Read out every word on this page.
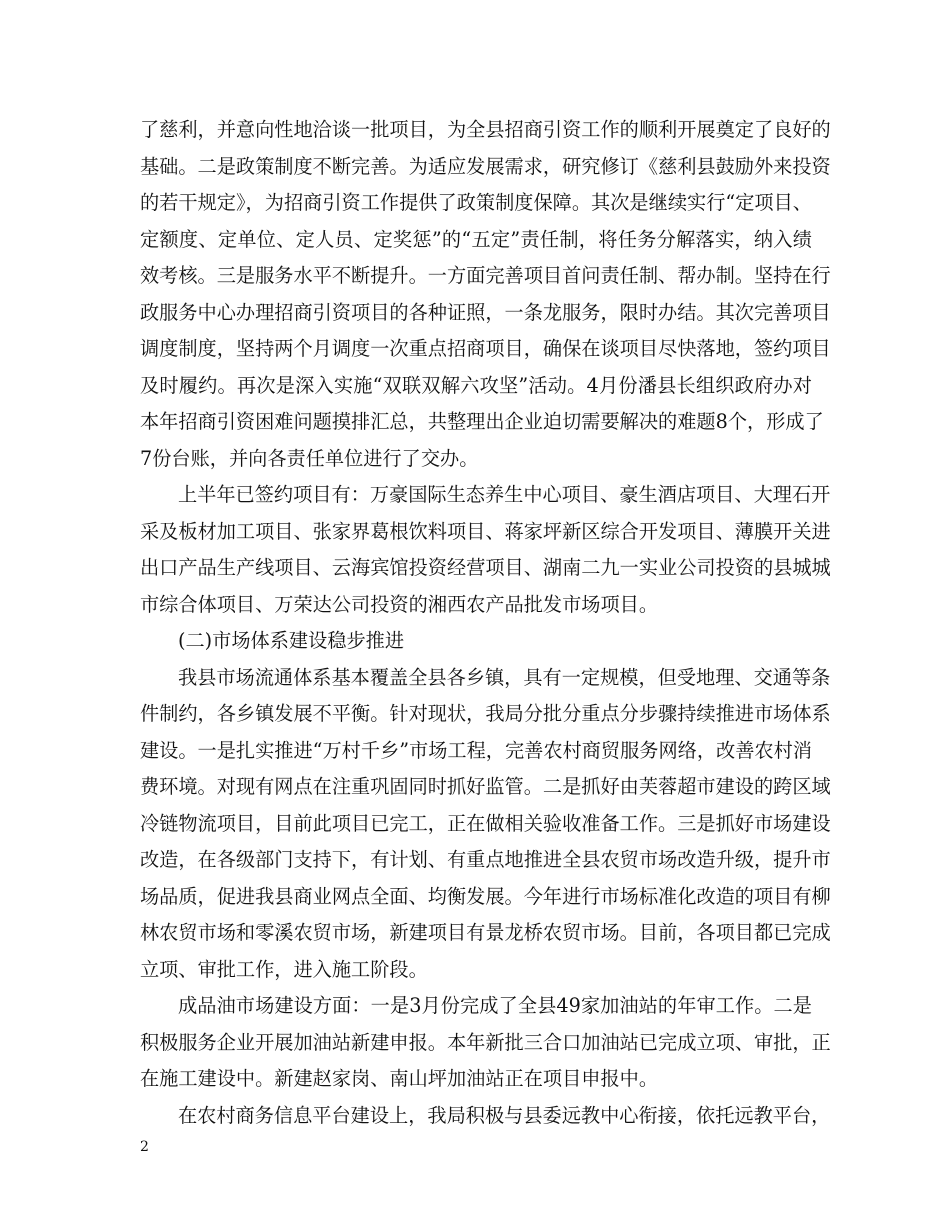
了慈利，并意向性地洽谈一批项目，为全县招商引资工作的顺利开展奠定了良好的
基础。二是政策制度不断完善。为适应发展需求，研究修订《慈利县鼓励外来投资
的若干规定》，为招商引资工作提供了政策制度保障。其次是继续实行“定项目、
定额度、定单位、定人员、定奖惩”的“五定”责任制，将任务分解落实，纳入绩
效考核。三是服务水平不断提升。一方面完善项目首问责任制、帮办制。坚持在行
政服务中心办理招商引资项目的各种证照，一条龙服务，限时办结。其次完善项目
调度制度，坚持两个月调度一次重点招商项目，确保在谈项目尽快落地，签约项目
及时履约。再次是深入实施“双联双解六攻坚”活动。4月份潘县长组织政府办对
本年招商引资困难问题摸排汇总，共整理出企业迫切需要解决的难题8个，形成了
7份台账，并向各责任单位进行了交办。
上半年已签约项目有：万豪国际生态养生中心项目、豪生酒店项目、大理石开
采及板材加工项目、张家界葛根饮料项目、蒋家坪新区综合开发项目、薄膜开关进
出口产品生产线项目、云海宾馆投资经营项目、湖南二九一实业公司投资的县城城
市综合体项目、万荣达公司投资的湘西农产品批发市场项目。
(二)市场体系建设稳步推进
我县市场流通体系基本覆盖全县各乡镇，具有一定规模，但受地理、交通等条
件制约，各乡镇发展不平衡。针对现状，我局分批分重点分步骤持续推进市场体系
建设。一是扎实推进“万村千乡”市场工程，完善农村商贸服务网络，改善农村消
费环境。对现有网点在注重巩固同时抓好监管。二是抓好由芙蓉超市建设的跨区域
冷链物流项目，目前此项目已完工，正在做相关验收准备工作。三是抓好市场建设
改造，在各级部门支持下，有计划、有重点地推进全县农贸市场改造升级，提升市
场品质，促进我县商业网点全面、均衡发展。今年进行市场标准化改造的项目有柳
林农贸市场和零溪农贸市场，新建项目有景龙桥农贸市场。目前，各项目都已完成
立项、审批工作，进入施工阶段。
成品油市场建设方面：一是3月份完成了全县49家加油站的年审工作。二是
积极服务企业开展加油站新建申报。本年新批三合口加油站已完成立项、审批，正
在施工建设中。新建赵家岗、南山坪加油站正在项目申报中。
在农村商务信息平台建设上，我局积极与县委远教中心衔接，依托远教平台，
2
